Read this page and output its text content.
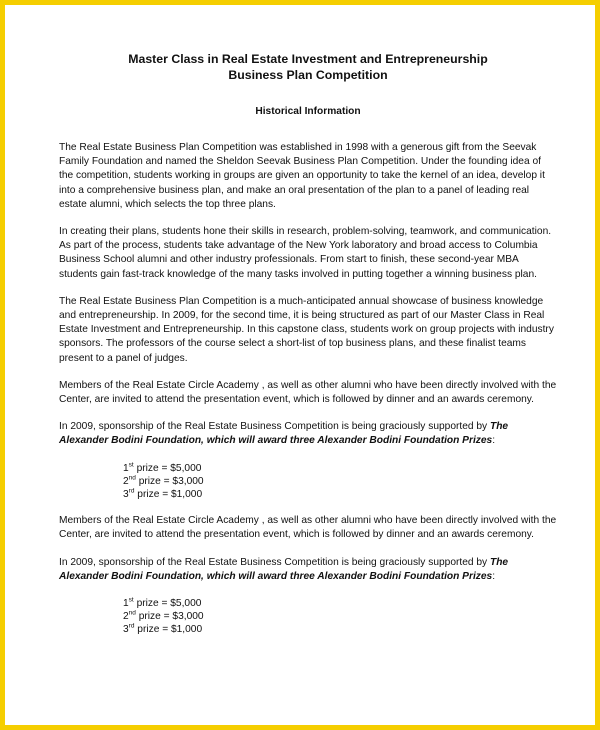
Master Class in Real Estate Investment and Entrepreneurship
Business Plan Competition

Historical Information

The Real Estate Business Plan Competition was established in 1998 with a generous gift from the Seevak Family Foundation and named the Sheldon Seevak Business Plan Competition. Under the founding idea of the competition, students working in groups are given an opportunity to take the kernel of an idea, develop it into a comprehensive business plan, and make an oral presentation of the plan to a panel of leading real estate alumni, which selects the top three plans.

In creating their plans, students hone their skills in research, problem-solving, teamwork, and communication. As part of the process, students take advantage of the New York laboratory and broad access to Columbia Business School alumni and other industry professionals. From start to finish, these second-year MBA students gain fast-track knowledge of the many tasks involved in putting together a winning business plan.

The Real Estate Business Plan Competition is a much-anticipated annual showcase of business knowledge and entrepreneurship. In 2009, for the second time, it is being structured as part of our Master Class in Real Estate Investment and Entrepreneurship. In this capstone class, students work on group projects with industry sponsors. The professors of the course select a short-list of top business plans, and these finalist teams present to a panel of judges.

Members of the Real Estate Circle Academy , as well as other alumni who have been directly involved with the Center, are invited to attend the presentation event, which is followed by dinner and an awards ceremony.

In 2009, sponsorship of the Real Estate Business Competition is being graciously supported by The Alexander Bodini Foundation, which will award three Alexander Bodini Foundation Prizes:

1st prize = $5,000
2nd prize = $3,000
3rd prize = $1,000

Members of the Real Estate Circle Academy , as well as other alumni who have been directly involved with the Center, are invited to attend the presentation event, which is followed by dinner and an awards ceremony.

In 2009, sponsorship of the Real Estate Business Competition is being graciously supported by The Alexander Bodini Foundation, which will award three Alexander Bodini Foundation Prizes:

1st prize = $5,000
2nd prize = $3,000
3rd prize = $1,000
